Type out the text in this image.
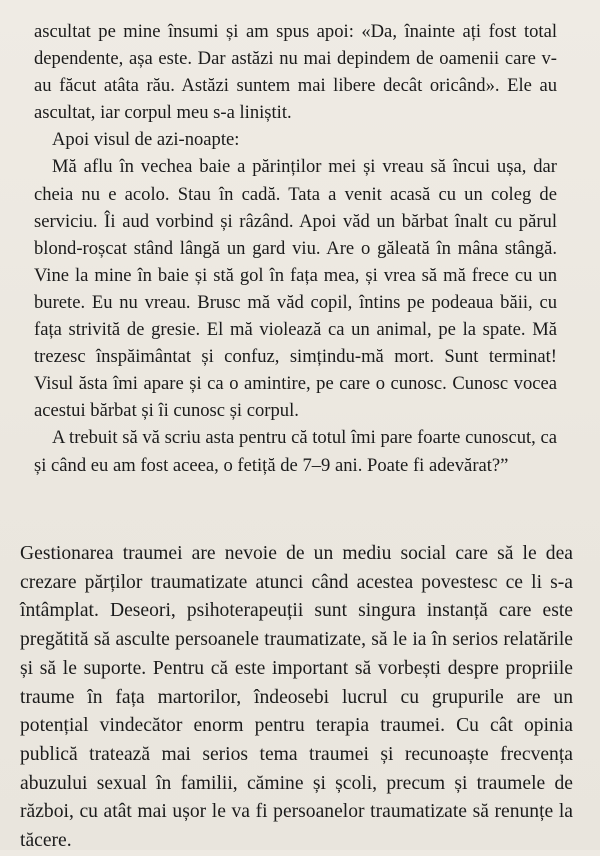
ascultat pe mine însumi și am spus apoi: «Da, înainte ați fost total dependente, așa este. Dar astăzi nu mai depindem de oamenii care v-au făcut atâta rău. Astăzi suntem mai libere decât oricând». Ele au ascultat, iar corpul meu s-a liniștit.

Apoi visul de azi-noapte:

Mă aflu în vechea baie a părinților mei și vreau să încui ușa, dar cheia nu e acolo. Stau în cadă. Tata a venit acasă cu un coleg de serviciu. Îi aud vorbind și râzând. Apoi văd un bărbat înalt cu părul blond-roșcat stând lângă un gard viu. Are o găleată în mâna stângă. Vine la mine în baie și stă gol în fața mea, și vrea să mă frece cu un burete. Eu nu vreau. Brusc mă văd copil, întins pe podeaua băii, cu fața strivită de gresie. El mă violează ca un animal, pe la spate. Mă trezesc înspăimântat și confuz, simțindu-mă mort. Sunt terminat! Visul ăsta îmi apare și ca o amintire, pe care o cunosc. Cunosc vocea acestui bărbat și îi cunosc și corpul.

A trebuit să vă scriu asta pentru că totul îmi pare foarte cunoscut, ca și când eu am fost aceea, o fetiță de 7–9 ani. Poate fi adevărat?”

Gestionarea traumei are nevoie de un mediu social care să le dea crezare părților traumatizate atunci când acestea povestesc ce li s-a întâmplat. Deseori, psihoterapeuții sunt singura instanță care este pregătită să asculte persoanele traumatizate, să le ia în serios relatările și să le suporte. Pentru că este important să vorbești despre propriile traume în fața martorilor, îndeosebi lucrul cu grupurile are un potențial vindecător enorm pentru terapia traumei. Cu cât opinia publică tratează mai serios tema traumei și recunoaște frecvența abuzului sexual în familii, cămine și școli, precum și traumele de război, cu atât mai ușor le va fi persoanelor traumatizate să renunțe la tăcere.
